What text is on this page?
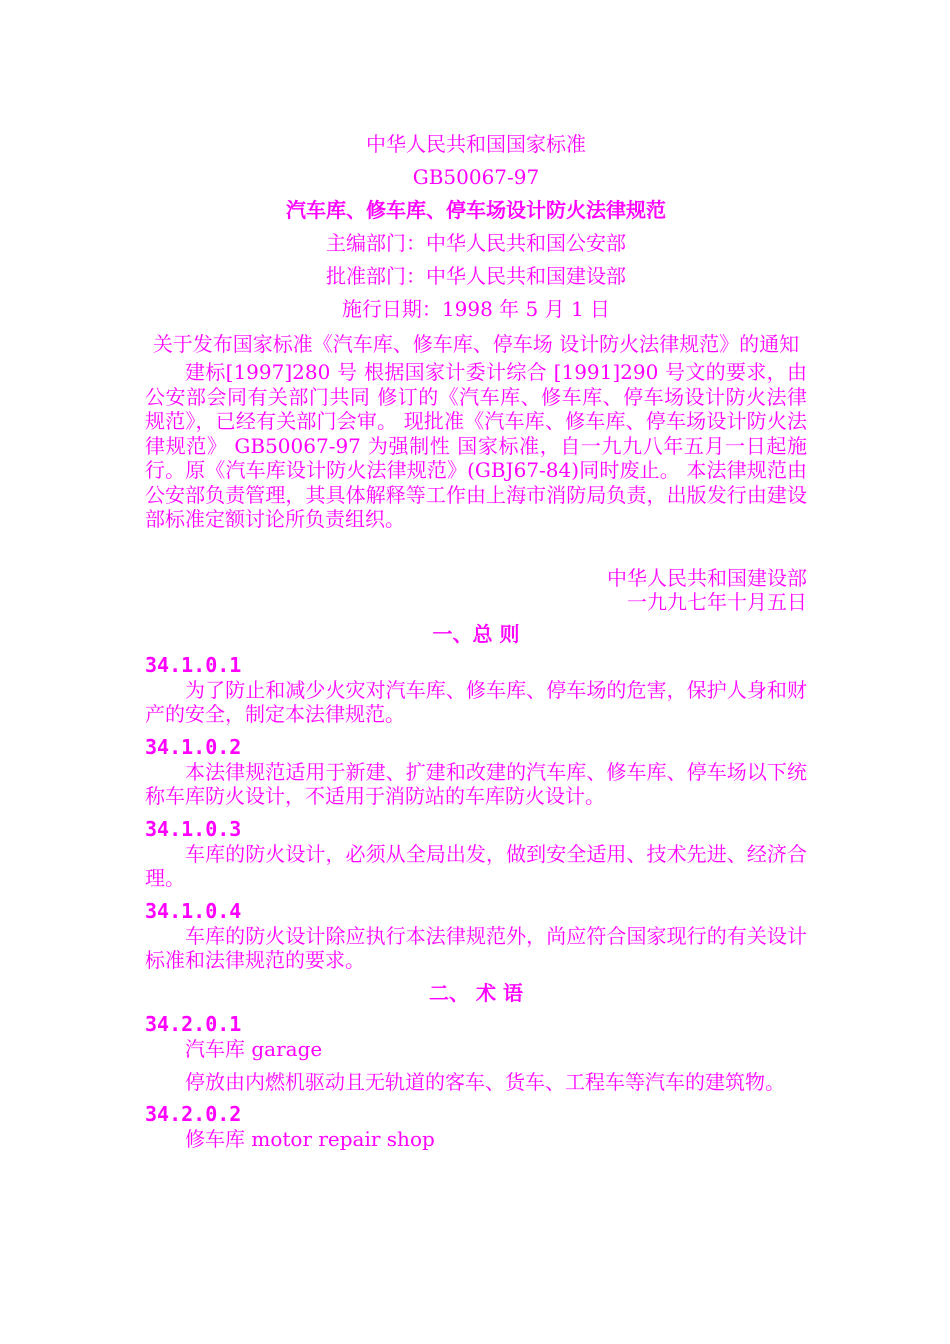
中华人民共和国国家标准
GB50067-97
汽车库、修车库、停车场设计防火法律规范
主编部门：中华人民共和国公安部
批准部门：中华人民共和国建设部
施行日期：1998 年 5 月 1 日
关于发布国家标准《汽车库、修车库、停车场 设计防火法律规范》的通知
建标[1997]280 号 根据国家计委计综合 [1991]290 号文的要求，由公安部会同有关部门共同 修订的《汽车库、修车库、停车场设计防火法律规范》，已经有关部门会审。 现批准《汽车库、修车库、停车场设计防火法律规范》 GB50067-97 为强制性 国家标准，自一九九八年五月一日起施行。原《汽车库设计防火法律规范》(GBJ67-84)同时废止。 本法律规范由公安部负责管理，其具体解释等工作由上海市消防局负责，出版发行由建设部标准定额讨论所负责组织。
中华人民共和国建设部
一九九七年十月五日
一、总 则
34.1.0.1
为了防止和减少火灾对汽车库、修车库、停车场的危害，保护人身和财产的安全，制定本法律规范。
34.1.0.2
本法律规范适用于新建、扩建和改建的汽车库、修车库、停车场以下统称车库防火设计，不适用于消防站的车库防火设计。
34.1.0.3
车库的防火设计，必须从全局出发，做到安全适用、技术先进、经济合理。
34.1.0.4
车库的防火设计除应执行本法律规范外，尚应符合国家现行的有关设计 标准和法律规范的要求。
二、 术 语
34.2.0.1
汽车库 garage
停放由内燃机驱动且无轨道的客车、货车、工程车等汽车的建筑物。
34.2.0.2
修车库 motor repair shop
